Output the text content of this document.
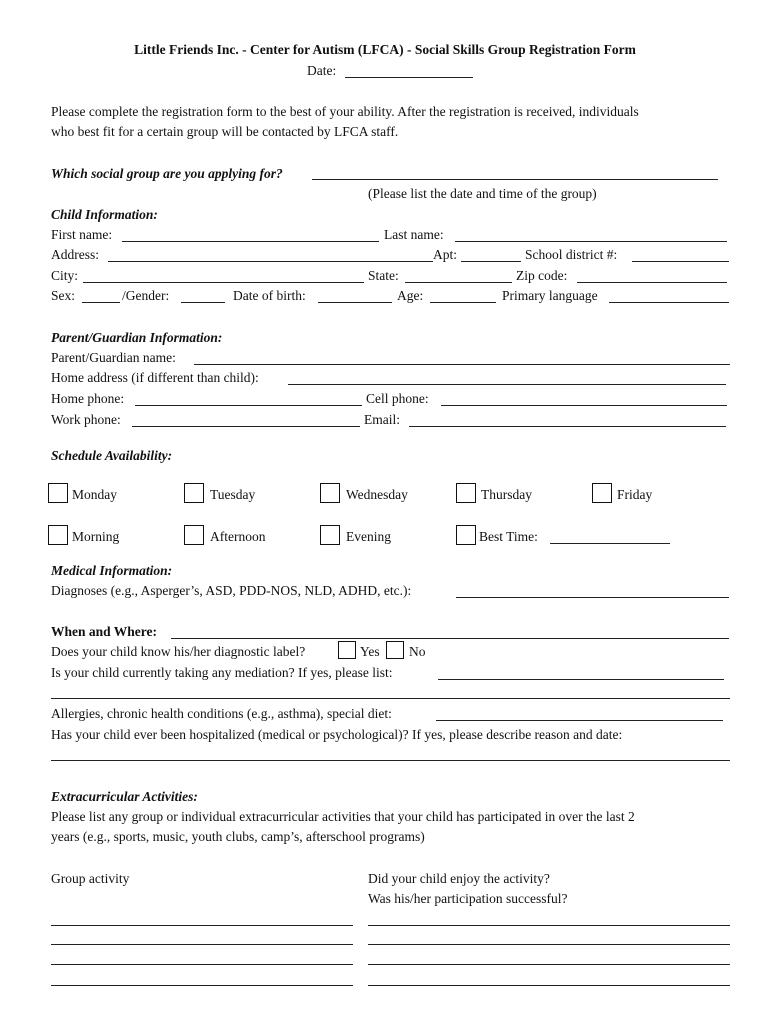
Little Friends Inc. - Center for Autism (LFCA) - Social Skills Group Registration Form
Date:
Please complete the registration form to the best of your ability. After the registration is received, individuals
who best fit for a certain group will be contacted by LFCA staff.
Which social group are you applying for?
(Please list the date and time of the group)
Child Information:
First name:	Last name:
Address:	Apt:	School district #:
City:	State:	Zip code:
Sex:	/Gender:	Date of birth:	Age:	Primary language
Parent/Guardian Information:
Parent/Guardian name:
Home address (if different than child):
Home phone:	Cell phone:
Work phone:	Email:
Schedule Availability:
Monday	Tuesday	Wednesday	Thursday	Friday
Morning	Afternoon	Evening	Best Time:
Medical Information:
Diagnoses (e.g., Asperger’s, ASD, PDD-NOS, NLD, ADHD, etc.):
When and Where:
Does your child know his/her diagnostic label?	Yes No
Is your child currently taking any mediation? If yes, please list:
Allergies, chronic health conditions (e.g., asthma), special diet:
Has your child ever been hospitalized (medical or psychological)? If yes, please describe reason and date:
Extracurricular Activities:
Please list any group or individual extracurricular activities that your child has participated in over the last 2
years (e.g., sports, music, youth clubs, camp’s, afterschool programs)
Group activity	Did your child enjoy the activity?
Was his/her participation successful?
